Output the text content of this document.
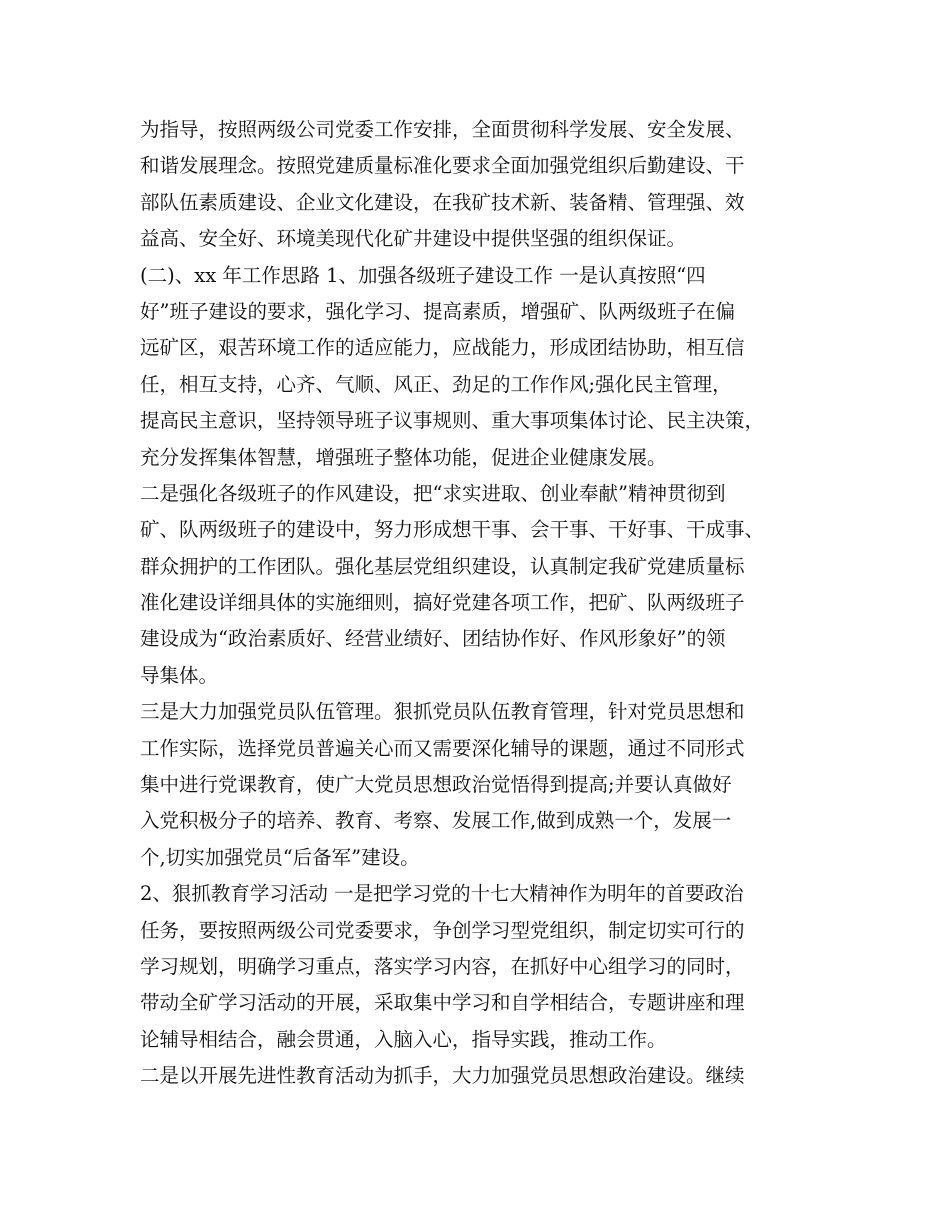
为指导，按照两级公司党委工作安排，全面贯彻科学发展、安全发展、
和谐发展理念。按照党建质量标准化要求全面加强党组织后勤建设、干
部队伍素质建设、企业文化建设，在我矿技术新、装备精、管理强、效
益高、安全好、环境美现代化矿井建设中提供坚强的组织保证。
(二)、xx 年工作思路 1、加强各级班子建设工作 一是认真按照“四
好”班子建设的要求，强化学习、提高素质，增强矿、队两级班子在偏
远矿区，艰苦环境工作的适应能力，应战能力，形成团结协助，相互信
任，相互支持，心齐、气顺、风正、劲足的工作作风;强化民主管理，
提高民主意识，坚持领导班子议事规则、重大事项集体讨论、民主决策，
充分发挥集体智慧，增强班子整体功能，促进企业健康发展。
二是强化各级班子的作风建设，把“求实进取、创业奉献”精神贯彻到
矿、队两级班子的建设中，努力形成想干事、会干事、干好事、干成事、
群众拥护的工作团队。强化基层党组织建设，认真制定我矿党建质量标
准化建设详细具体的实施细则，搞好党建各项工作，把矿、队两级班子
建设成为“政治素质好、经营业绩好、团结协作好、作风形象好”的领
导集体。
三是大力加强党员队伍管理。狠抓党员队伍教育管理，针对党员思想和
工作实际，选择党员普遍关心而又需要深化辅导的课题，通过不同形式
集中进行党课教育，使广大党员思想政治觉悟得到提高;并要认真做好
入党积极分子的培养、教育、考察、发展工作,做到成熟一个，发展一
个,切实加强党员“后备军”建设。
2、狠抓教育学习活动 一是把学习党的十七大精神作为明年的首要政治
任务，要按照两级公司党委要求，争创学习型党组织，制定切实可行的
学习规划，明确学习重点，落实学习内容，在抓好中心组学习的同时，
带动全矿学习活动的开展，采取集中学习和自学相结合，专题讲座和理
论辅导相结合，融会贯通，入脑入心，指导实践，推动工作。
二是以开展先进性教育活动为抓手，大力加强党员思想政治建设。继续
